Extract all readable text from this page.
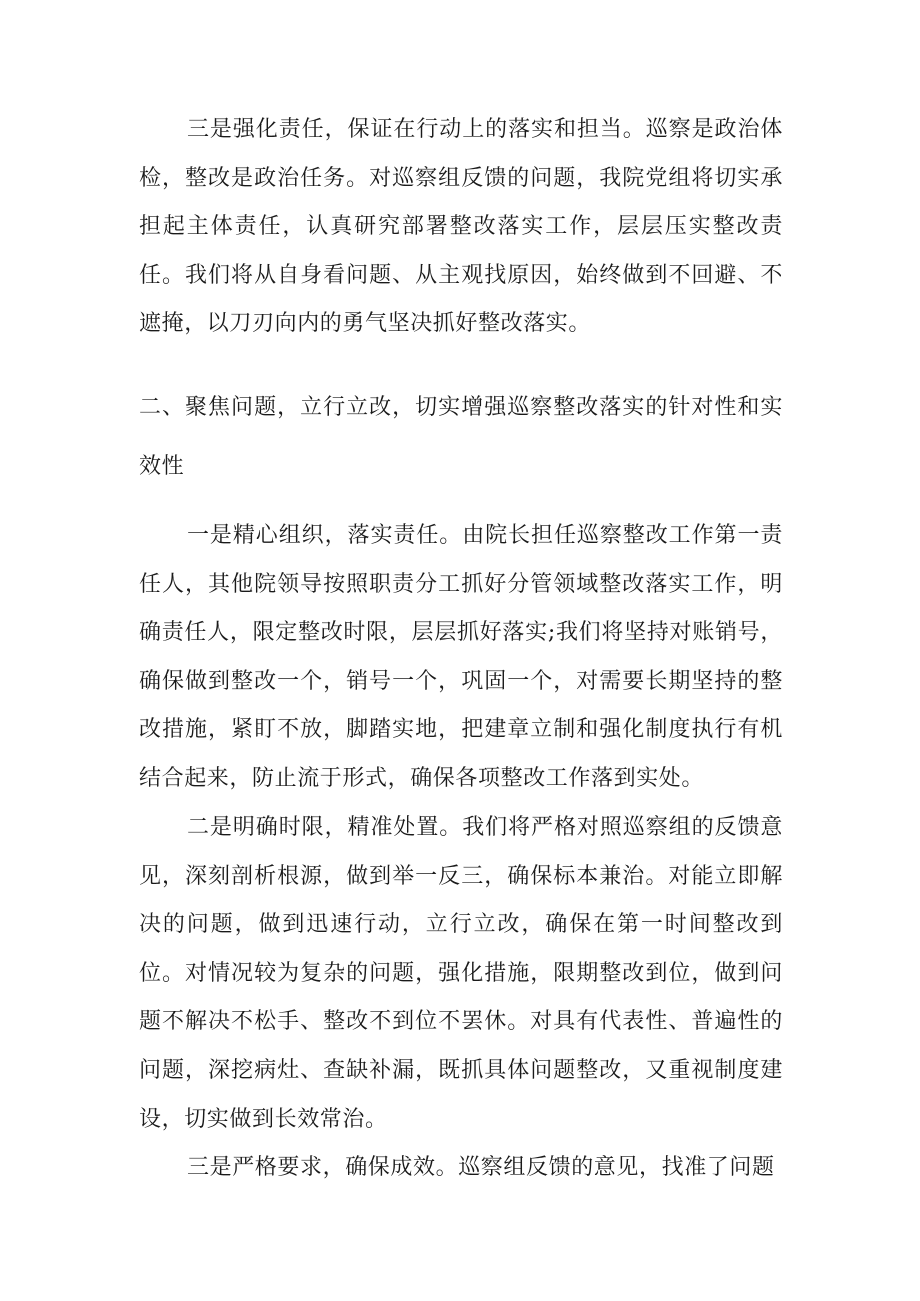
三是强化责任，保证在行动上的落实和担当。巡察是政治体检，整改是政治任务。对巡察组反馈的问题，我院党组将切实承担起主体责任，认真研究部署整改落实工作，层层压实整改责任。我们将从自身看问题、从主观找原因，始终做到不回避、不遮掩，以刀刃向内的勇气坚决抓好整改落实。

二、聚焦问题，立行立改，切实增强巡察整改落实的针对性和实效性

一是精心组织，落实责任。由院长担任巡察整改工作第一责任人，其他院领导按照职责分工抓好分管领域整改落实工作，明确责任人，限定整改时限，层层抓好落实;我们将坚持对账销号，确保做到整改一个，销号一个，巩固一个，对需要长期坚持的整改措施，紧盯不放，脚踏实地，把建章立制和强化制度执行有机结合起来，防止流于形式，确保各项整改工作落到实处。

二是明确时限，精准处置。我们将严格对照巡察组的反馈意见，深刻剖析根源，做到举一反三，确保标本兼治。对能立即解决的问题，做到迅速行动，立行立改，确保在第一时间整改到位。对情况较为复杂的问题，强化措施，限期整改到位，做到问题不解决不松手、整改不到位不罢休。对具有代表性、普遍性的问题，深挖病灶、查缺补漏，既抓具体问题整改，又重视制度建设，切实做到长效常治。

三是严格要求，确保成效。巡察组反馈的意见，找准了问题
